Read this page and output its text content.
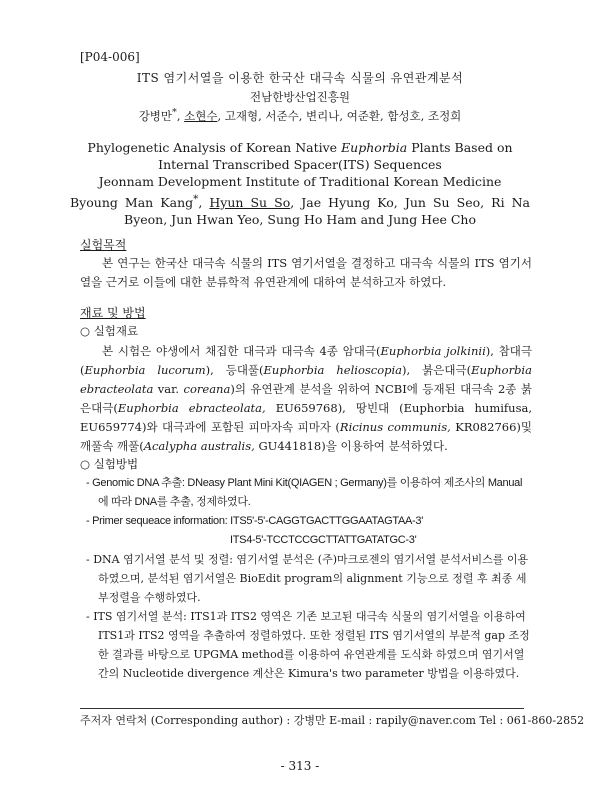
[P04-006]
ITS 염기서열을 이용한 한국산 대극속 식물의 유연관계분석
전남한방산업진흥원
강병만*, 소현수, 고재형, 서준수, 변리나, 여준환, 함성호, 조정희
Phylogenetic Analysis of Korean Native Euphorbia Plants Based on
Internal Transcribed Spacer(ITS) Sequences
Jeonnam Development Institute of Traditional Korean Medicine
Byoung Man Kang*, Hyun Su So, Jae Hyung Ko, Jun Su Seo, Ri Na Byeon, Jun Hwan Yeo, Sung Ho Ham and Jung Hee Cho
실험목적
본 연구는 한국산 대극속 식물의 ITS 염기서열을 결정하고 대극속 식물의 ITS 염기서열을 근거로 이들에 대한 분류학적 유연관계에 대하여 분석하고자 하였다.
재료 및 방법
○ 실험재료
본 시험은 야생에서 채집한 대극과 대극속 4종 암대극(Euphorbia jolkinii), 참대극(Euphorbia lucorum), 등대풀(Euphorbia helioscopia), 붉은대극(Euphorbia ebracteolata var. coreana)의 유연관계 분석을 위하여 NCBI에 등재된 대극속 2종 붉은대극(Euphorbia ebracteolata, EU659768), 땅빈대 (Euphorbia humifusa, EU659774)와 대극과에 포함된 피마자속 피마자 (Ricinus communis, KR082766)및 깨풀속 깨풀(Acalypha australis, GU441818)을 이용하여 분석하였다.
○ 실험방법
- Genomic DNA 추출: DNeasy Plant Mini Kit(QIAGEN ; Germany)를 이용하여 제조사의 Manual에 따라 DNA를 추출, 정제하였다.
- Primer sequeace information: ITS5'-5'-CAGGTGACTTGGAATAGTAA-3'
ITS4-5'-TCCTCCGCTTATTGATATGC-3'
- DNA 염기서열 분석 및 정렬: 염기서열 분석은 (주)마크로젠의 염기서열 분석서비스를 이용하였으며, 분석된 염기서열은 BioEdit program의 alignment 기능으로 정렬 후 최종 세부정렬을 수행하였다.
- ITS 염기서열 분석: ITS1과 ITS2 영역은 기존 보고된 대극속 식물의 염기서열을 이용하여 ITS1과 ITS2 영역을 추출하여 정렬하였다. 또한 정렬된 ITS 염기서열의 부분적 gap 조정한 결과를 바탕으로 UPGMA method를 이용하여 유연관계를 도식화 하였으며 염기서열간의 Nucleotide divergence 계산은 Kimura's two parameter 방법을 이용하였다.
주저자 연락처 (Corresponding author) : 강병만 E-mail : rapily@naver.com Tel : 061-860-2852
- 313 -
